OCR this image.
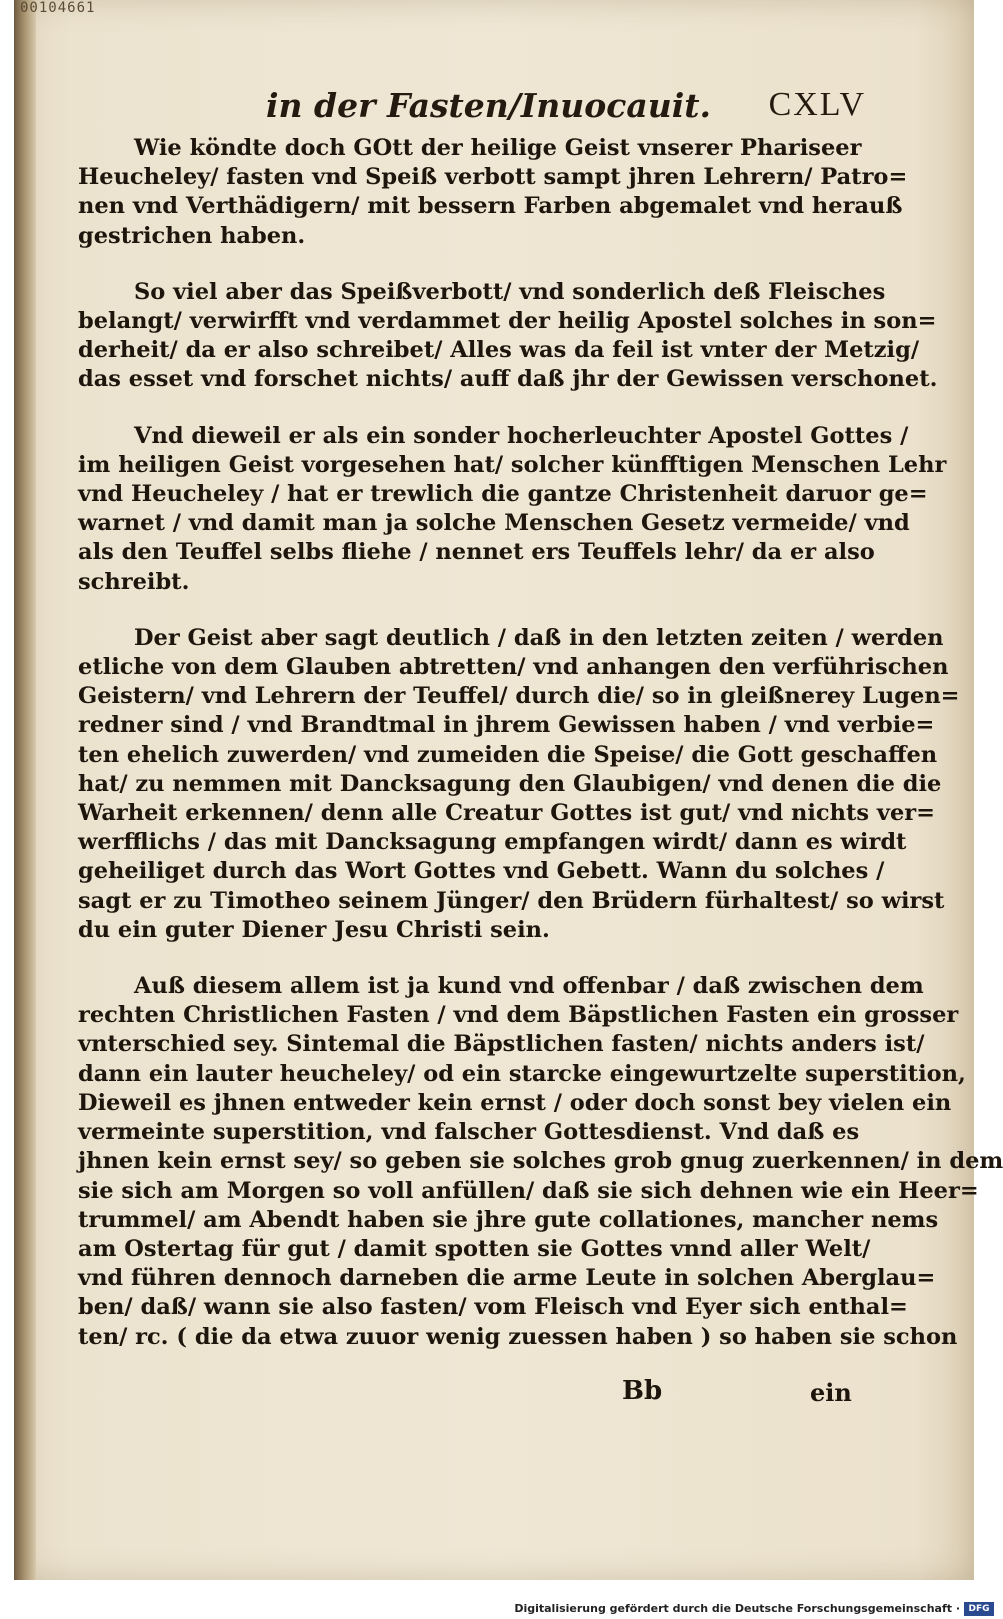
00104661
in der Fasten/Inuocauit. CXLV
Wie köndte doch GOtt der heilige Geist vnserer Phariseer
Heucheley/ fasten vnd Speiß verbott sampt jhren Lehrern/ Patro=
nen vnd Verthädigern/ mit bessern Farben abgemalet vnd herauß
gestrichen haben.
So viel aber das Speißverbott/ vnd sonderlich deß Fleisches
belangt/ verwirfft vnd verdammet der heilig Apostel solches in son=
derheit/ da er also schreibet/ Alles was da feil ist vnter der Metzig/
das esset vnd forschet nichts/ auff daß jhr der Gewissen verschonet.
Vnd dieweil er als ein sonder hocherleuchter Apostel Gottes /
im heiligen Geist vorgesehen hat/ solcher künfftigen Menschen Lehr
vnd Heucheley / hat er trewlich die gantze Christenheit daruor ge=
warnet / vnd damit man ja solche Menschen Gesetz vermeide/ vnd
als den Teuffel selbs fliehe / nennet ers Teuffels lehr/ da er also
schreibt.
Der Geist aber sagt deutlich / daß in den letzten zeiten / werden
etliche von dem Glauben abtretten/ vnd anhangen den verführischen
Geistern/ vnd Lehrern der Teuffel/ durch die/ so in gleißnerey Lugen=
redner sind / vnd Brandtmal in jhrem Gewissen haben / vnd verbie=
ten ehelich zuwerden/ vnd zumeiden die Speise/ die Gott geschaffen
hat/ zu nemmen mit Dancksagung den Glaubigen/ vnd denen die die
Warheit erkennen/ denn alle Creatur Gottes ist gut/ vnd nichts ver=
werfflichs / das mit Dancksagung empfangen wirdt/ dann es wirdt
geheiliget durch das Wort Gottes vnd Gebett. Wann du solches /
sagt er zu Timotheo seinem Jünger/ den Brüdern fürhaltest/ so wirst
du ein guter Diener Jesu Christi sein.
Auß diesem allem ist ja kund vnd offenbar / daß zwischen dem
rechten Christlichen Fasten / vnd dem Bäpstlichen Fasten ein grosser
vnterschied sey. Sintemal die Bäpstlichen fasten/ nichts anders ist/
dann ein lauter heucheley/ od ein starcke eingewurtzelte superstition,
Dieweil es jhnen entweder kein ernst / oder doch sonst bey vielen ein
vermeinte superstition, vnd falscher Gottesdienst. Vnd daß es
jhnen kein ernst sey/ so geben sie solches grob gnug zuerkennen/ in dem
sie sich am Morgen so voll anfüllen/ daß sie sich dehnen wie ein Heer=
trummel/ am Abendt haben sie jhre gute collationes, mancher nems
am Ostertag für gut / damit spotten sie Gottes vnnd aller Welt/
vnd führen dennoch darneben die arme Leute in solchen Aberglau=
ben/ daß/ wann sie also fasten/ vom Fleisch vnd Eyer sich enthal=
ten/ rc. ( die da etwa zuuor wenig zuessen haben ) so haben sie schon
Bb	ein
Digitalisierung gefördert durch die Deutsche Forschungsgemeinschaft · DFG
